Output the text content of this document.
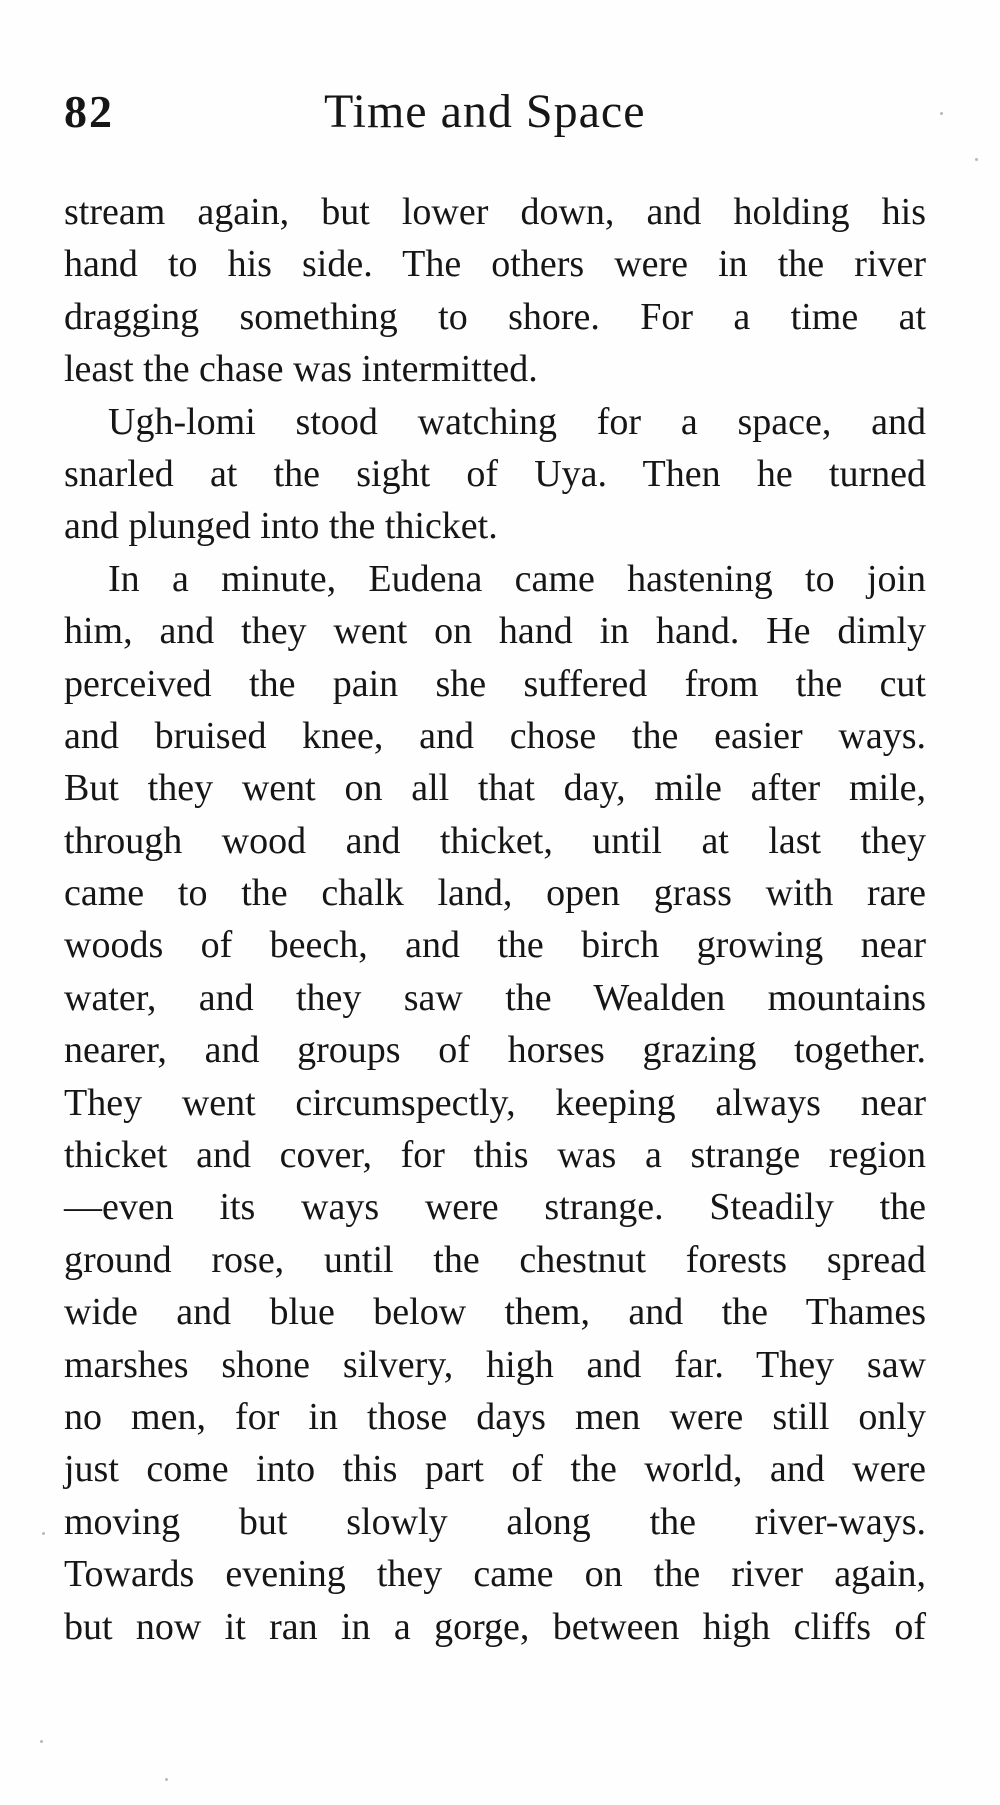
82	Time and Space
stream again, but lower down, and holding his
hand to his side. The others were in the river
dragging something to shore. For a time at
least the chase was intermitted.
Ugh-lomi stood watching for a space, and
snarled at the sight of Uya. Then he turned
and plunged into the thicket.
In a minute, Eudena came hastening to join
him, and they went on hand in hand. He dimly
perceived the pain she suffered from the cut
and bruised knee, and chose the easier ways.
But they went on all that day, mile after mile,
through wood and thicket, until at last they
came to the chalk land, open grass with rare
woods of beech, and the birch growing near
water, and they saw the Wealden mountains
nearer, and groups of horses grazing together.
They went circumspectly, keeping always near
thicket and cover, for this was a strange region
—even its ways were strange. Steadily the
ground rose, until the chestnut forests spread
wide and blue below them, and the Thames
marshes shone silvery, high and far. They saw
no men, for in those days men were still only
just come into this part of the world, and were
moving but slowly along the river-ways.
Towards evening they came on the river again,
but now it ran in a gorge, between high cliffs of
